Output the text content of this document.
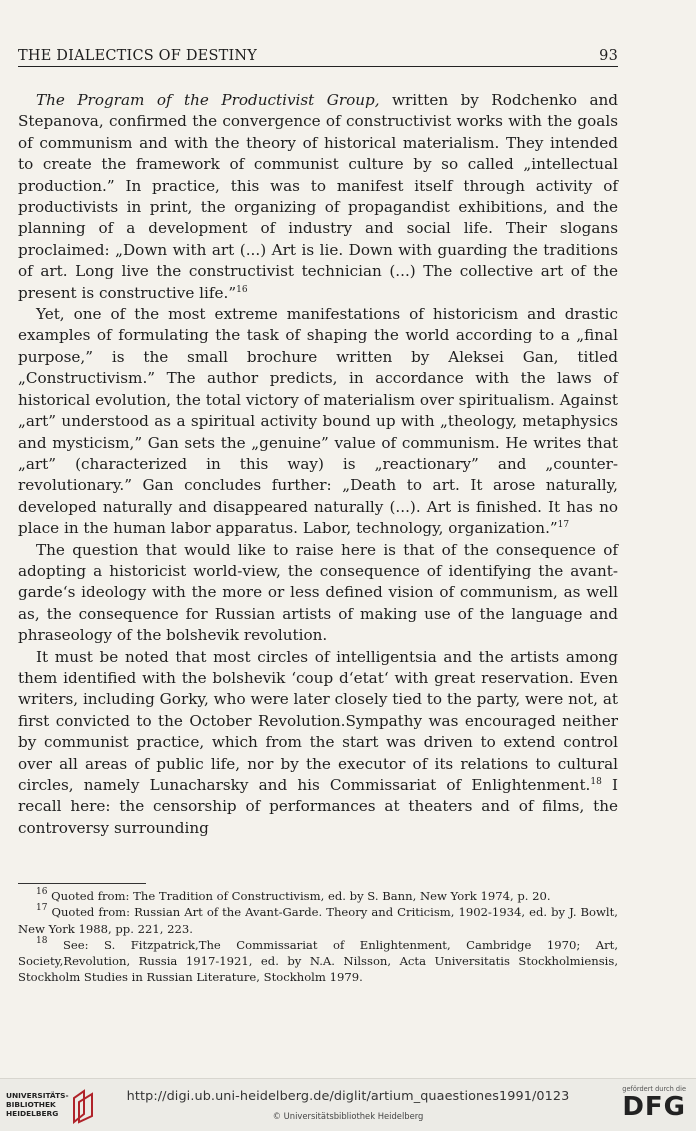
THE DIALECTICS OF DESTINY	93

The Program of the Productivist Group, written by Rodchenko and Stepanova, confirmed the convergence of constructivist works with the goals of communism and with the theory of historical materialism. They intended to create the framework of communist culture by so called „intellectual production.” In practice, this was to manifest itself through activity of productivists in print, the organizing of propagandist exhibitions, and the planning of a development of industry and social life. Their slogans proclaimed: „Down with art (...) Art is lie. Down with guarding the traditions of art. Long live the constructivist technician (...) The collective art of the present is constructive life.”$^{16}$

Yet, one of the most extreme manifestations of historicism and drastic examples of formulating the task of shaping the world according to a „final purpose,” is the small brochure written by Aleksei Gan, titled „Constructivism.” The author predicts, in accordance with the laws of historical evolution, the total victory of materialism over spiritualism. Against „art” understood as a spiritual activity bound up with „theology, metaphysics and mysticism,” Gan sets the „genuine” value of communism. He writes that „art” (characterized in this way) is „reactionary” and „counter-revolutionary.” Gan concludes further: „Death to art. It arose naturally, developed naturally and disappeared naturally (...). Art is finished. It has no place in the human labor apparatus. Labor, technology, organization.”$^{17}$

The question that would like to raise here is that of the consequence of adopting a historicist world-view, the consequence of identifying the avant-garde‘s ideology with the more or less defined vision of communism, as well as, the consequence for Russian artists of making use of the language and phraseology of the bolshevik revolution.

It must be noted that most circles of intelligentsia and the artists among them identified with the bolshevik ‘coup d‘etat‘ with great reservation. Even writers, including Gorky, who were later closely tied to the party, were not, at first convicted to the October Revolution.Sympathy was encouraged neither by communist practice, which from the start was driven to extend control over all areas of public life, nor by the executor of its relations to cultural circles, namely Lunacharsky and his Commissariat of Enlightenment.$^{18}$ I recall here: the censorship of performances at theaters and of films, the controversy surrounding

$^{16}$ Quoted from: The Tradition of Constructivism, ed. by S. Bann, New York 1974, p. 20.

$^{17}$ Quoted from: Russian Art of the Avant-Garde. Theory and Criticism, 1902-1934, ed. by J. Bowlt, New York 1988, pp. 221, 223.

$^{18}$ See: S. Fitzpatrick,The Commissariat of Enlightenment, Cambridge 1970; Art, Society,Revolution, Russia 1917-1921, ed. by N.A. Nilsson, Acta Universitatis Stockholmiensis, Stockholm Studies in Russian Literature, Stockholm 1979.

UNIVERSITÄTS-
BIBLIOTHEK
HEIDELBERG
http://digi.ub.uni-heidelberg.de/diglit/artium_quaestiones1991/0123
© Universitätsbibliothek Heidelberg
gefördert durch die
DFG
